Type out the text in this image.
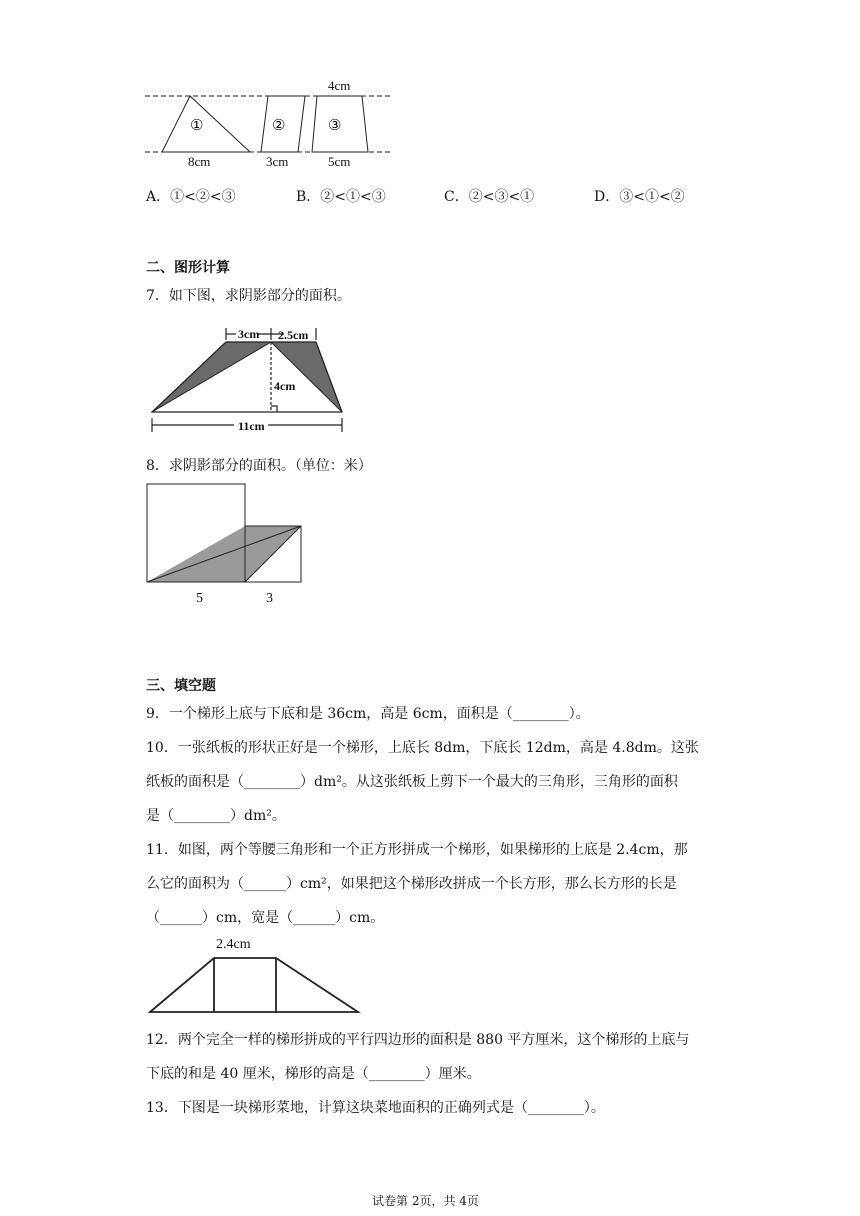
4cm
①	②	③
8cm	3cm	5cm
A．①<②<③	B．②<①<③	C．②<③<①	D．③<①<②
二、图形计算
7．如下图，求阴影部分的面积。
3cm 2.5cm
4cm
11cm
8．求阴影部分的面积。（单位：米）
5	3
三、填空题
9．一个梯形上底与下底和是 36cm，高是 6cm，面积是（________）。
10．一张纸板的形状正好是一个梯形，上底长 8dm，下底长 12dm，高是 4.8dm。这张
纸板的面积是（________）dm²。从这张纸板上剪下一个最大的三角形，三角形的面积
是（________）dm²。
11．如图，两个等腰三角形和一个正方形拼成一个梯形，如果梯形的上底是 2.4cm，那
么它的面积为（______）cm²，如果把这个梯形改拼成一个长方形，那么长方形的长是
（______）cm，宽是（______）cm。
2.4cm
12．两个完全一样的梯形拼成的平行四边形的面积是 880 平方厘米，这个梯形的上底与
下底的和是 40 厘米，梯形的高是（________）厘米。
13．下图是一块梯形菜地，计算这块菜地面积的正确列式是（________）。
试卷第 2页，共 4页
